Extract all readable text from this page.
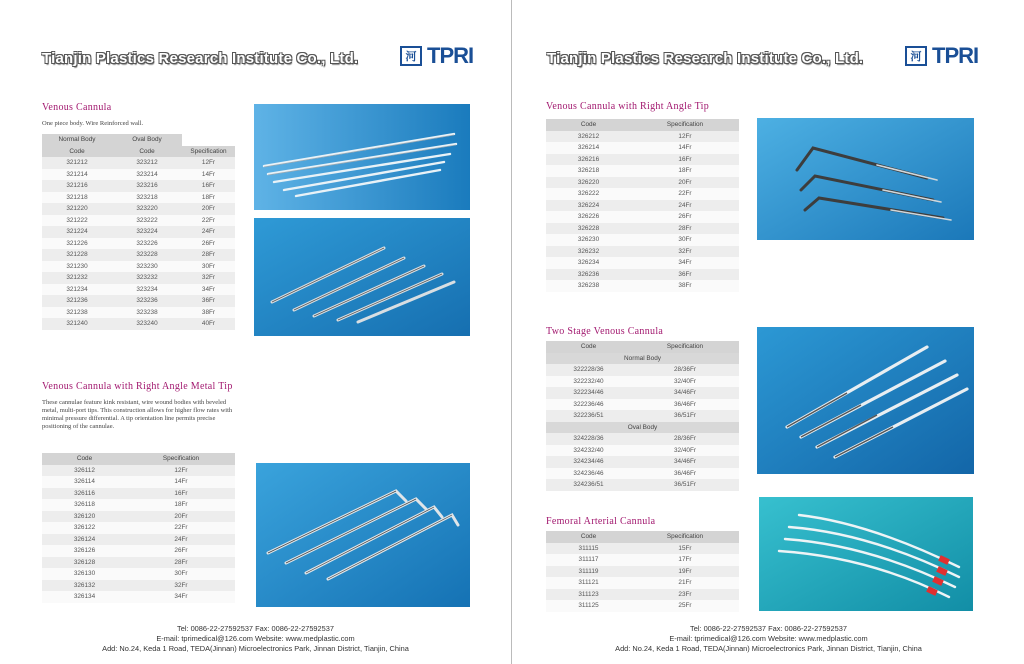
Tianjin Plastics Research Institute Co., Ltd.	河 TPRI
Venous Cannula
One piece body. Wire Reinforced wall.
Normal Body	Oval Body	
Code	Code	Specification
321212	323212	12Fr
321214	323214	14Fr
321216	323216	16Fr
321218	323218	18Fr
321220	323220	20Fr
321222	323222	22Fr
321224	323224	24Fr
321226	323226	26Fr
321228	323228	28Fr
321230	323230	30Fr
321232	323232	32Fr
321234	323234	34Fr
321236	323236	36Fr
321238	323238	38Fr
321240	323240	40Fr
Venous Cannula with Right Angle Metal Tip
These cannulae feature kink resistant, wire wound bodies with beveled metal, multi-port tips. This construction allows for higher flow rates with minimal pressure differential. A tip orientation line permits precise positioning of the cannulae.
Code	Specification
326112	12Fr
326114	14Fr
326116	16Fr
326118	18Fr
326120	20Fr
326122	22Fr
326124	24Fr
326126	26Fr
326128	28Fr
326130	30Fr
326132	32Fr
326134	34Fr
Tel: 0086-22-27592537 Fax: 0086-22-27592537
E-mail: tprimedical@126.com Website: www.medplastic.com
Add: No.24, Keda 1 Road, TEDA(Jinnan) Microelectronics Park, Jinnan District, Tianjin, China
Tianjin Plastics Research Institute Co., Ltd.	河 TPRI
Venous Cannula with Right Angle Tip
Code	Specification
326212	12Fr
326214	14Fr
326216	16Fr
326218	18Fr
326220	20Fr
326222	22Fr
326224	24Fr
326226	26Fr
326228	28Fr
326230	30Fr
326232	32Fr
326234	34Fr
326236	36Fr
326238	38Fr
Two Stage Venous Cannula
Code	Specification
Normal Body	
322228/36	28/36Fr
322232/40	32/40Fr
322234/46	34/46Fr
322236/46	36/46Fr
322236/51	36/51Fr
Oval Body	
324228/36	28/36Fr
324232/40	32/40Fr
324234/46	34/46Fr
324236/46	36/46Fr
324236/51	36/51Fr
Femoral Arterial Cannula
Code	Specification
311115	15Fr
311117	17Fr
311119	19Fr
311121	21Fr
311123	23Fr
311125	25Fr
Tel: 0086-22-27592537 Fax: 0086-22-27592537
E-mail: tprimedical@126.com Website: www.medplastic.com
Add: No.24, Keda 1 Road, TEDA(Jinnan) Microelectronics Park, Jinnan District, Tianjin, China
